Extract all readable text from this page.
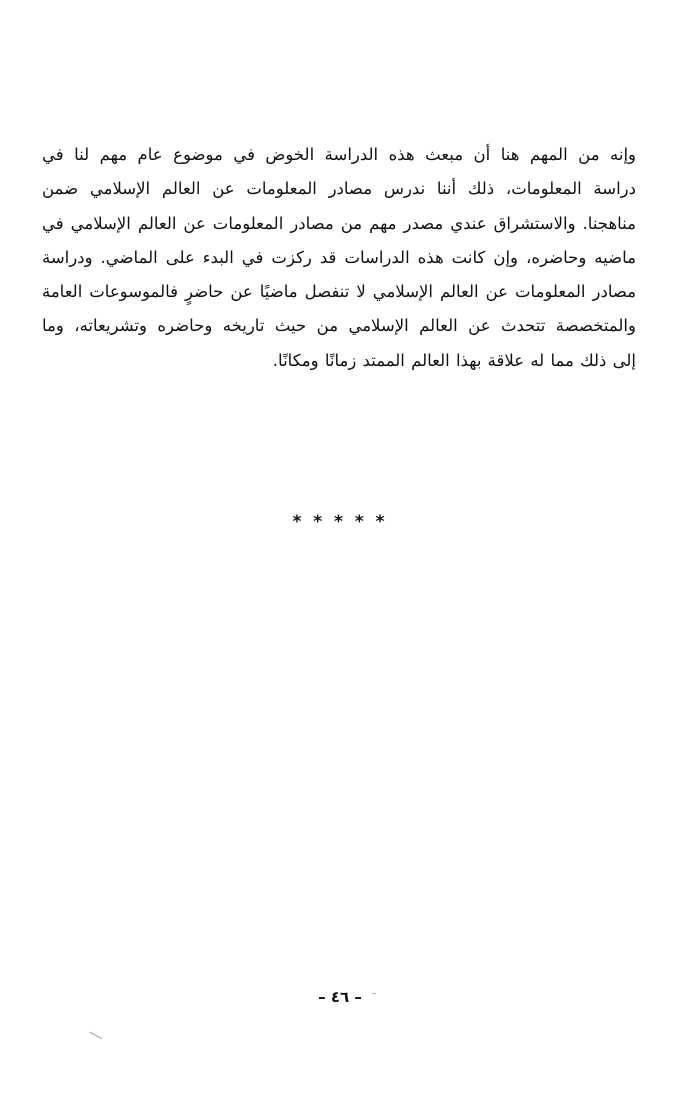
وإنه من المهم هنا أن مبعث هذه الدراسة الخوض في موضوع عام مهم لنا في
دراسة المعلومات، ذلك أننا ندرس مصادر المعلومات عن العالم الإسلامي ضمن
مناهجنا. والاستشراق عندي مصدر مهم من مصادر المعلومات عن العالم الإسلامي في
ماضيه وحاضره، وإن كانت هذه الدراسات قد ركزت في البدء على الماضي. ودراسة
مصادر المعلومات عن العالم الإسلامي لا تنفصل ماضيًا عن حاضرٍ فالموسوعات العامة
والمتخصصة تتحدث عن العالم الإسلامي من حيث تاريخه وحاضره وتشريعاته، وما
إلى ذلك مما له علاقة بهذا العالم الممتد زمانًا ومكانًا.
* * * * *
– ٤٦ –
